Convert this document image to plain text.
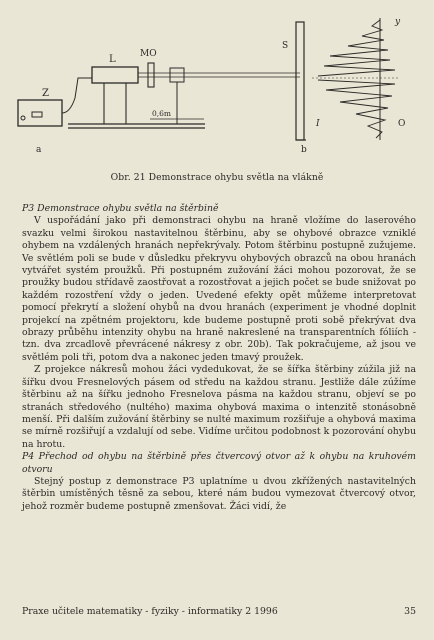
L	MO
Z
0,6m
a	b
S
I	O
y
Obr. 21 Demonstrace ohybu světla na vlákně

P3 Demonstrace ohybu světla na štěrbině

V uspořádání jako při demonstraci ohybu na hraně vložíme do laserového svazku velmi širokou nastavitelnou štěrbinu, aby se ohybové obrazce vzniklé ohybem na vzdálených hranách nepřekrývaly. Potom štěrbinu postupně zužujeme. Ve světlém poli se bude v důsledku překryvu ohybových obrazců na obou hranách vytvářet systém proužků. Při postupném zužování žáci mohou pozorovat, že se proužky budou střídavě zaostřovat a rozostřovat a jejich počet se bude snižovat po každém rozostření vždy o jeden. Uvedené efekty opět můžeme interpretovat pomocí překrytí a složení ohybů na dvou hranách (experiment je vhodné doplnit projekcí na zpětném projektoru, kde budeme postupně proti sobě překrývat dva obrazy průběhu intenzity ohybu na hraně nakreslené na transparentních fóliích - tzn. dva zrcadlově převrácené nákresy z obr. 20b). Tak pokračujeme, až jsou ve světlém poli tři, potom dva a nakonec jeden tmavý proužek.

Z projekce nákresů mohou žáci vydedukovat, že se šířka štěrbiny zúžila již na šířku dvou Fresnelových pásem od středu na každou stranu. Jestliže dále zúžíme štěrbinu až na šířku jednoho Fresnelova pásma na každou stranu, objeví se po stranách středového (nultého) maxima ohybová maxima o intenzitě stonásobně menší. Při dalším zužování štěrbiny se nulté maximum rozšiřuje a ohybová maxima se mírně rozšiřují a vzdalují od sebe. Vidíme určitou podobnost k pozorování ohybu na hrotu.

P4 Přechod od ohybu na štěrbině přes čtvercový otvor až k ohybu na kruhovém otvoru

Stejný postup z demonstrace P3 uplatníme u dvou zkřížených nastavitelných štěrbin umístěných těsně za sebou, které nám budou vymezovat čtvercový otvor, jehož rozměr budeme postupně zmenšovat. Žáci vidí, že

Praxe učitele matematiky - fyziky - informatiky 2 1996	35
